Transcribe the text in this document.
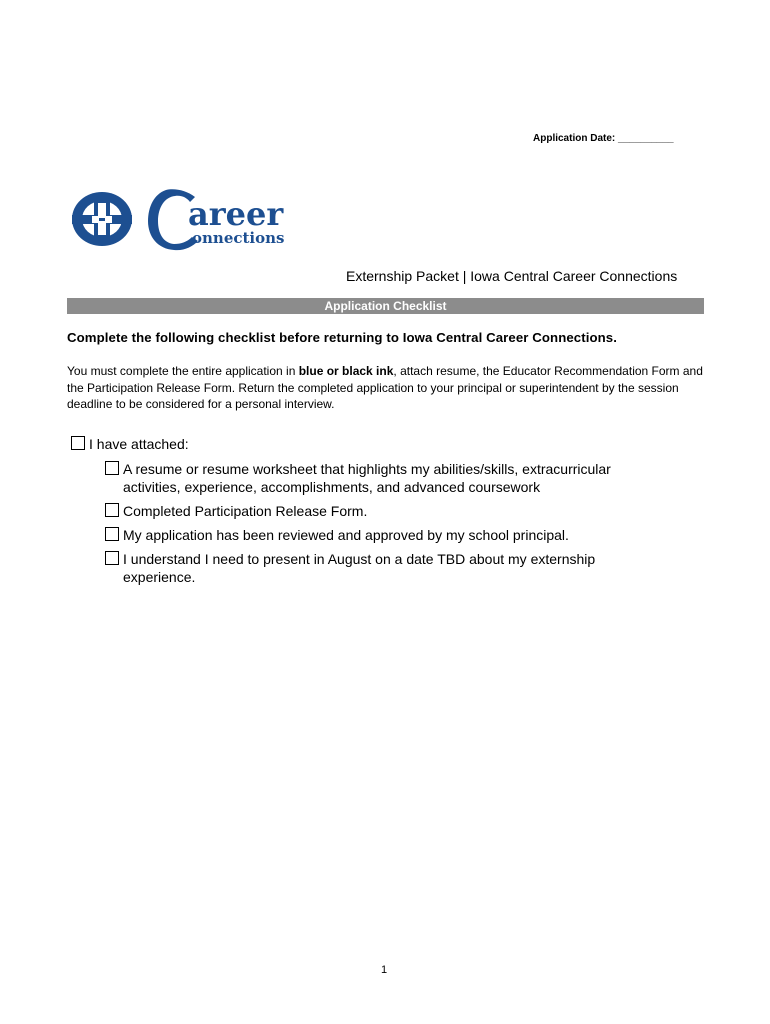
Application Date: __________
areer
onnections
Externship Packet | Iowa Central Career Connections
Application Checklist
Complete the following checklist before returning to Iowa Central Career Connections.
You must complete the entire application in blue or black ink, attach resume, the Educator Recommendation Form and the Participation Release Form. Return the completed application to your principal or superintendent by the session deadline to be considered for a personal interview.
I have attached:
A resume or resume worksheet that highlights my abilities/skills, extracurricular
activities, experience, accomplishments, and advanced coursework
Completed Participation Release Form.
My application has been reviewed and approved by my school principal.
I understand I need to present in August on a date TBD about my externship
experience.
1
